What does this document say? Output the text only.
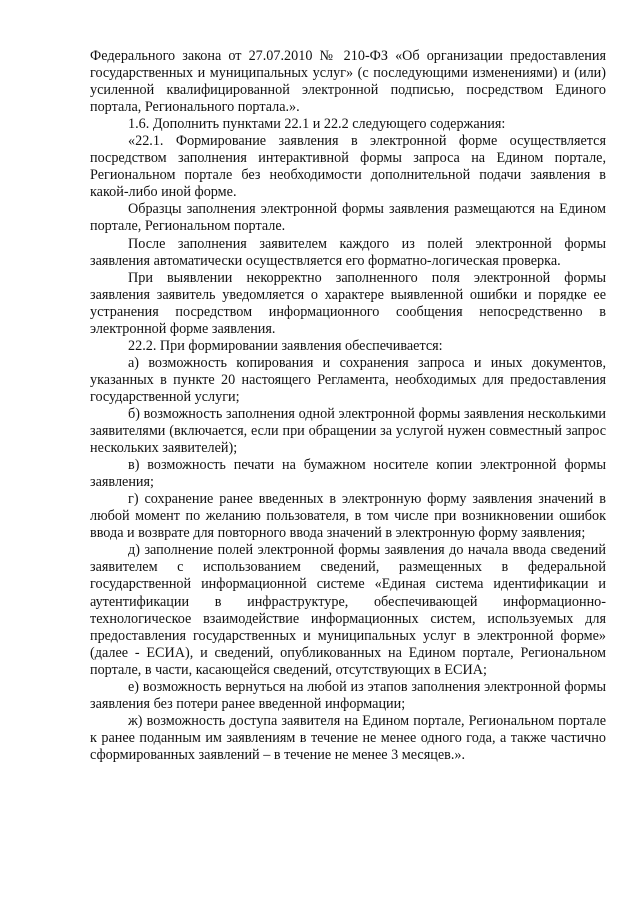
Федерального закона от 27.07.2010 № 210-ФЗ «Об организации предоставления государственных и муниципальных услуг» (с последующими изменениями) и (или) усиленной квалифицированной электронной подписью, посредством Единого портала, Регионального портала.».

1.6. Дополнить пунктами 22.1 и 22.2 следующего содержания:

«22.1. Формирование заявления в электронной форме осуществляется посредством заполнения интерактивной формы запроса на Едином портале, Региональном портале без необходимости дополнительной подачи заявления в какой-либо иной форме.

Образцы заполнения электронной формы заявления размещаются на Едином портале, Региональном портале.

После заполнения заявителем каждого из полей электронной формы заявления автоматически осуществляется его форматно-логическая проверка.

При выявлении некорректно заполненного поля электронной формы заявления заявитель уведомляется о характере выявленной ошибки и порядке ее устранения посредством информационного сообщения непосредственно в электронной форме заявления.

22.2. При формировании заявления обеспечивается:

а) возможность копирования и сохранения запроса и иных документов, указанных в пункте 20 настоящего Регламента, необходимых для предоставления государственной услуги;

б) возможность заполнения одной электронной формы заявления несколькими заявителями (включается, если при обращении за услугой нужен совместный запрос нескольких заявителей);

в) возможность печати на бумажном носителе копии электронной формы заявления;

г) сохранение ранее введенных в электронную форму заявления значений в любой момент по желанию пользователя, в том числе при возникновении ошибок ввода и возврате для повторного ввода значений в электронную форму заявления;

д) заполнение полей электронной формы заявления до начала ввода сведений заявителем с использованием сведений, размещенных в федеральной государственной информационной системе «Единая система идентификации и аутентификации в инфраструктуре, обеспечивающей информационно-технологическое взаимодействие информационных систем, используемых для предоставления государственных и муниципальных услуг в электронной форме» (далее - ЕСИА), и сведений, опубликованных на Едином портале, Региональном портале, в части, касающейся сведений, отсутствующих в ЕСИА;

е) возможность вернуться на любой из этапов заполнения электронной формы заявления без потери ранее введенной информации;

ж) возможность доступа заявителя на Едином портале, Региональном портале к ранее поданным им заявлениям в течение не менее одного года, а также частично сформированных заявлений – в течение не менее 3 месяцев.».
